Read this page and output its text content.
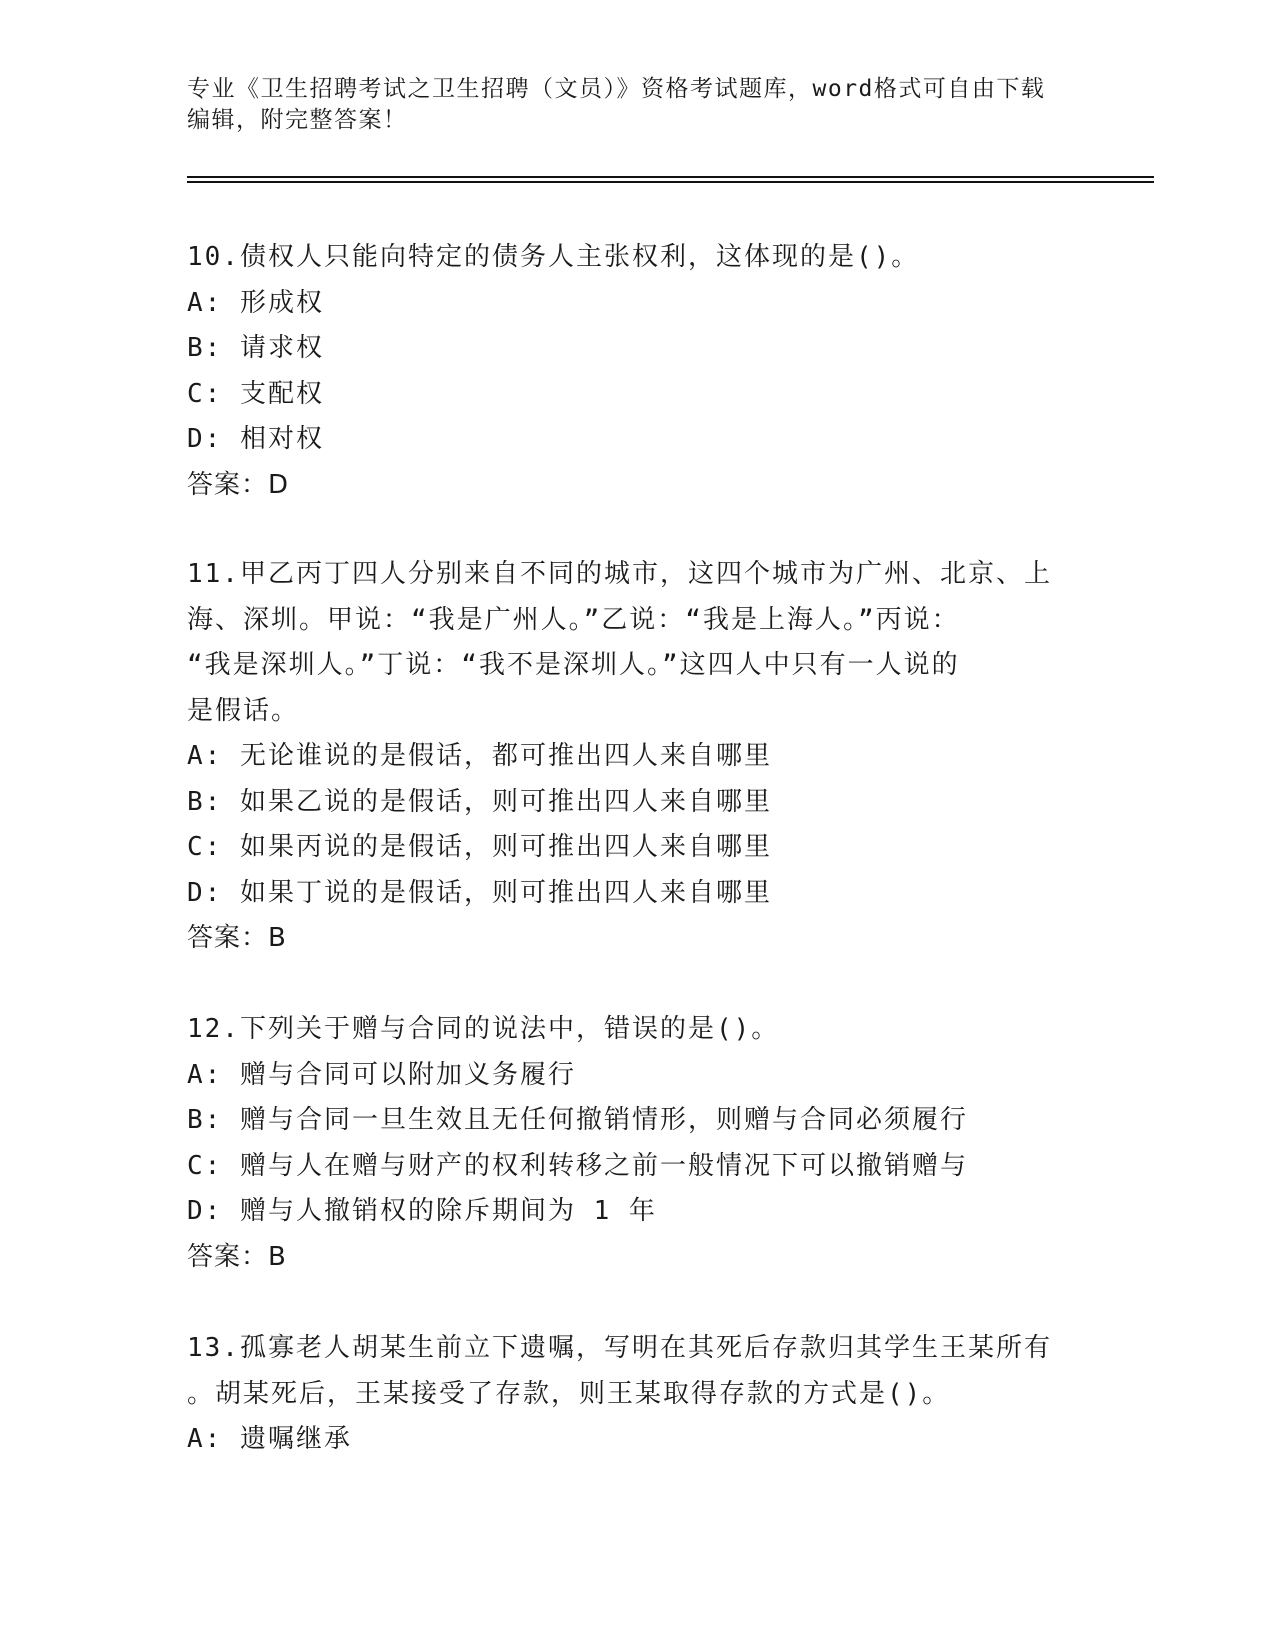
专业《卫生招聘考试之卫生招聘（文员）》资格考试题库，word格式可自由下载
编辑，附完整答案！
10.债权人只能向特定的债务人主张权利，这体现的是()。
A: 形成权
B: 请求权
C: 支配权
D: 相对权
答案：D
11.甲乙丙丁四人分别来自不同的城市，这四个城市为广州、北京、上
海、深圳。甲说：“我是广州人。”乙说：“我是上海人。”丙说：
“我是深圳人。”丁说：“我不是深圳人。”这四人中只有一人说的
是假话。
A: 无论谁说的是假话，都可推出四人来自哪里
B: 如果乙说的是假话，则可推出四人来自哪里
C: 如果丙说的是假话，则可推出四人来自哪里
D: 如果丁说的是假话，则可推出四人来自哪里
答案：B
12.下列关于赠与合同的说法中，错误的是()。
A: 赠与合同可以附加义务履行
B: 赠与合同一旦生效且无任何撤销情形，则赠与合同必须履行
C: 赠与人在赠与财产的权利转移之前一般情况下可以撤销赠与
D: 赠与人撤销权的除斥期间为 1 年
答案：B
13.孤寡老人胡某生前立下遗嘱，写明在其死后存款归其学生王某所有
。胡某死后，王某接受了存款，则王某取得存款的方式是()。
A: 遗嘱继承
